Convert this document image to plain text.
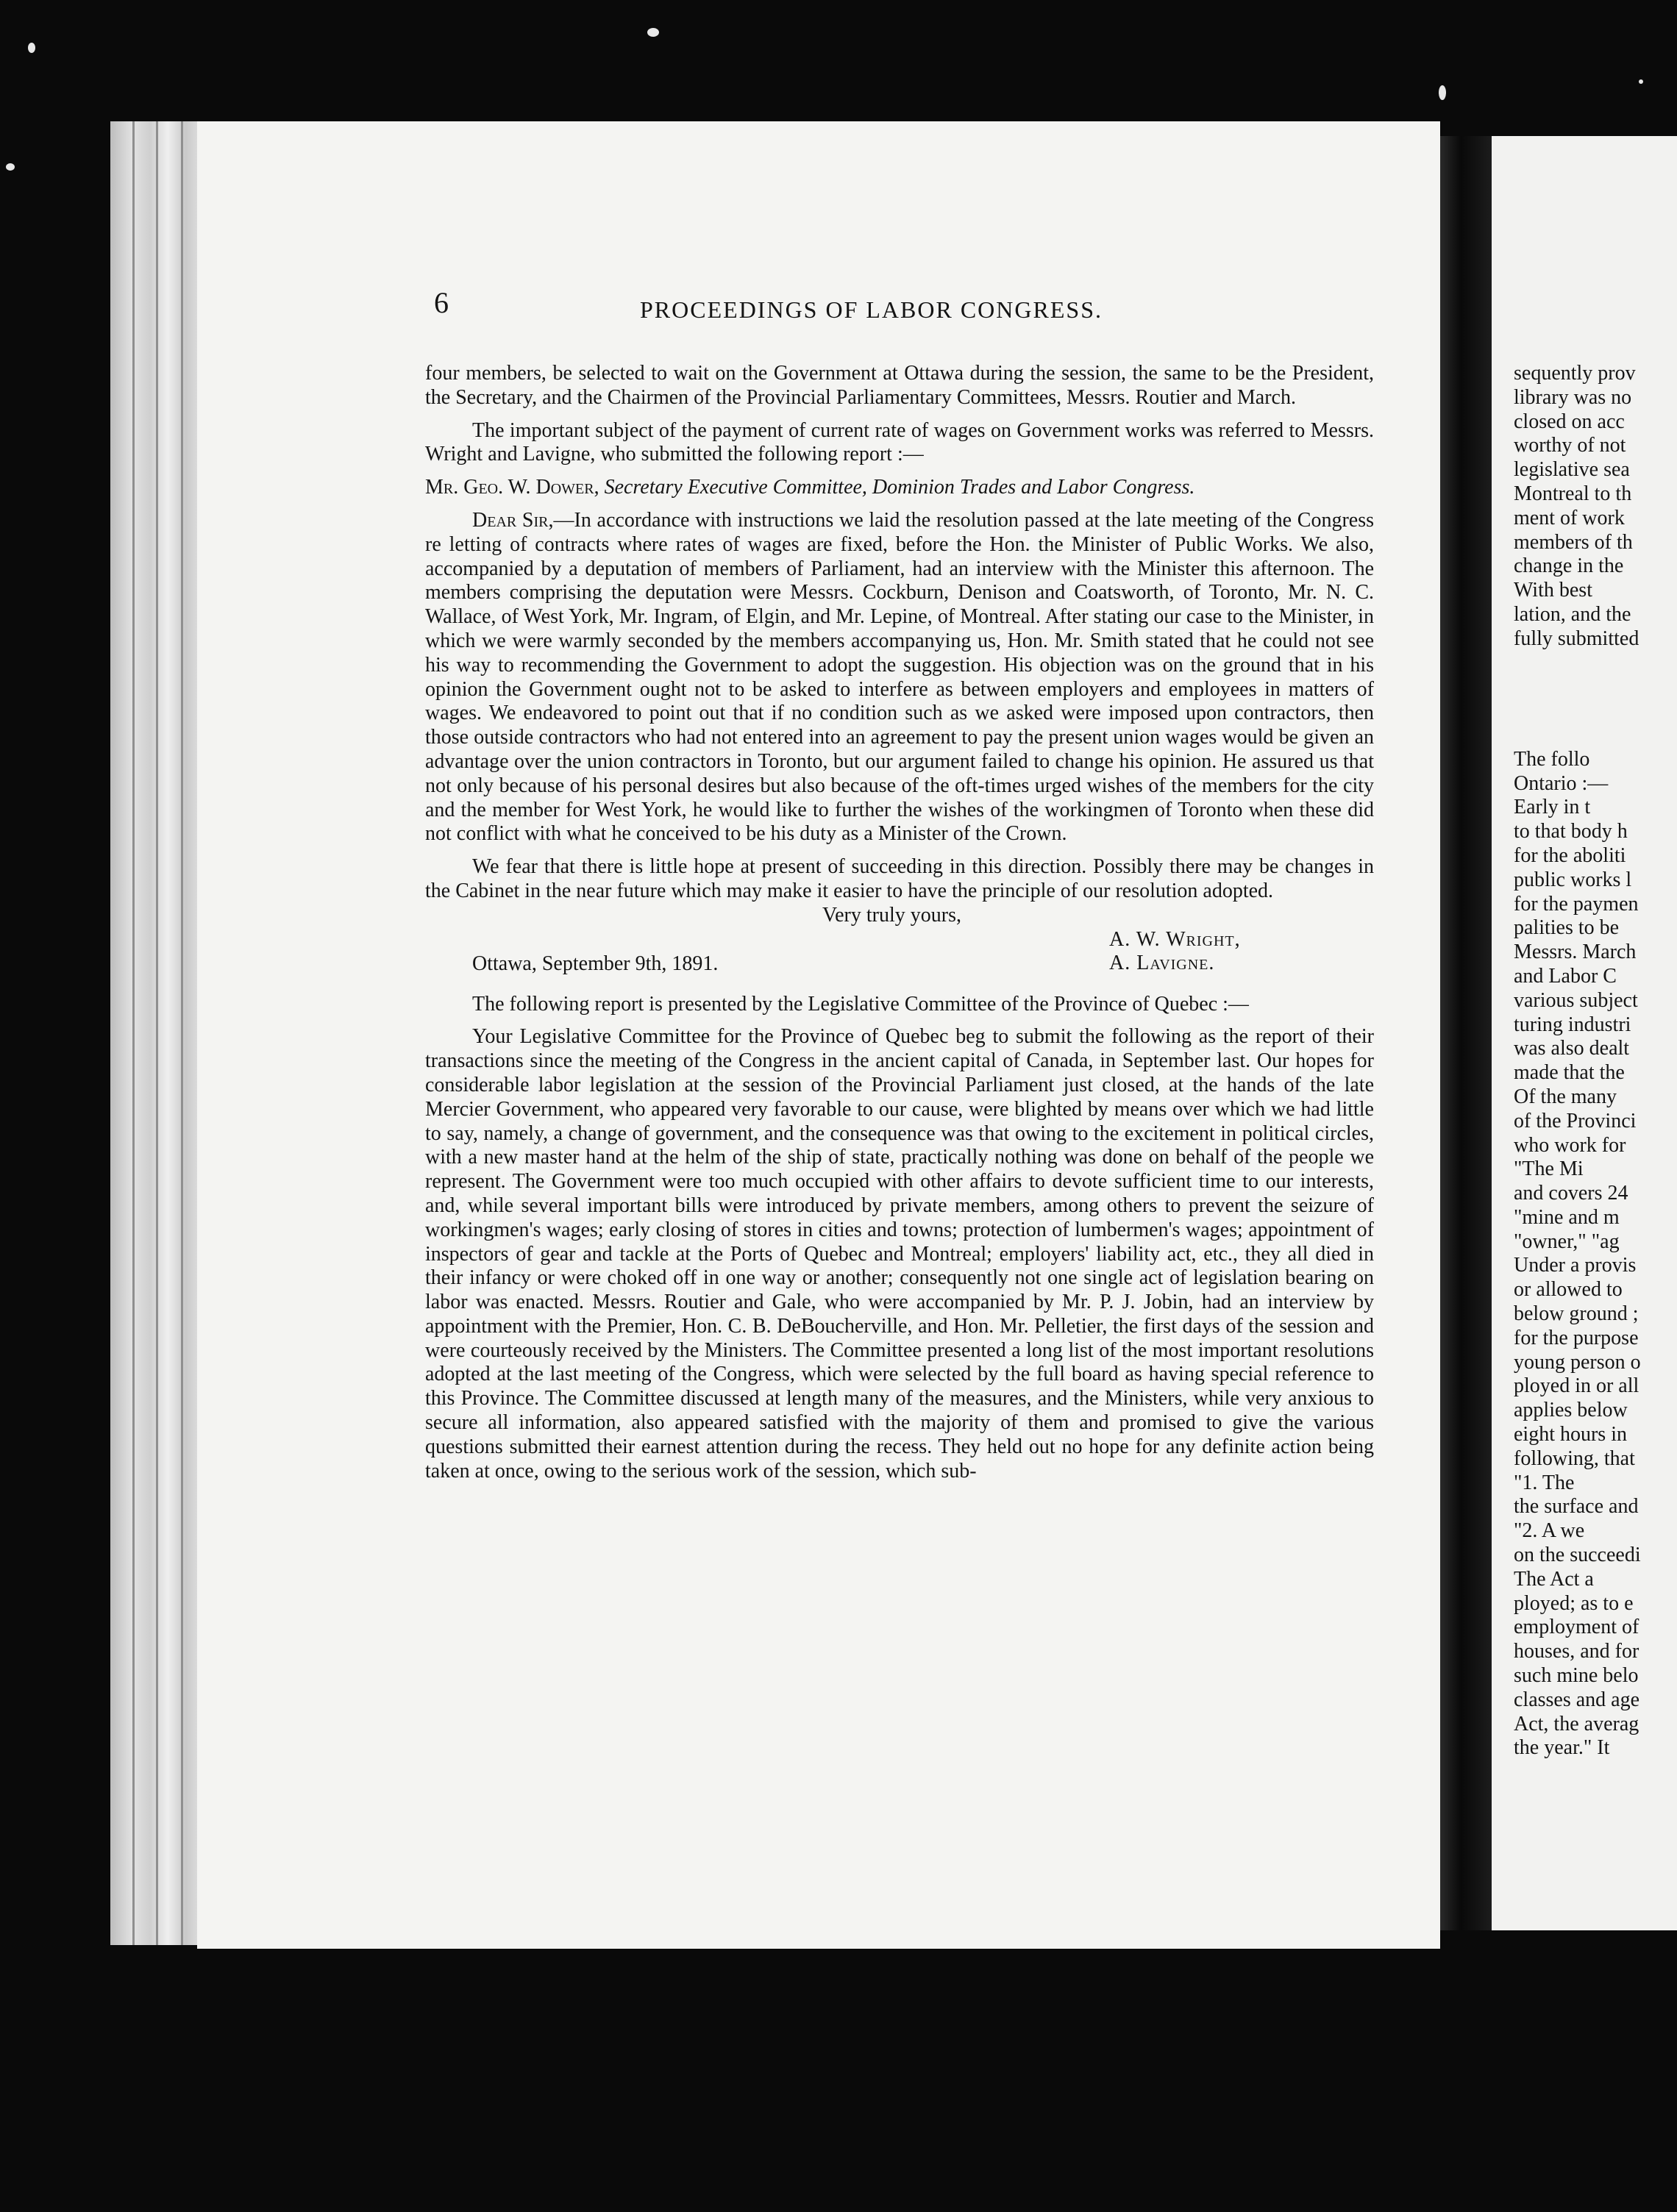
6	PROCEEDINGS OF LABOR CONGRESS.

four members, be selected to wait on the Government at Ottawa during the session, the same to be the President, the Secretary, and the Chairmen of the Provincial Parliamentary Committees, Messrs. Routier and March.

The important subject of the payment of current rate of wages on Government works was referred to Messrs. Wright and Lavigne, who submitted the following report :—

Mr. Geo. W. Dower, Secretary Executive Committee, Dominion Trades and Labor Congress.

Dear Sir,—In accordance with instructions we laid the resolution passed at the late meeting of the Congress re letting of contracts where rates of wages are fixed, before the Hon. the Minister of Public Works. We also, accompanied by a deputation of members of Parliament, had an interview with the Minister this afternoon. The members comprising the deputation were Messrs. Cockburn, Denison and Coatsworth, of Toronto, Mr. N. C. Wallace, of West York, Mr. Ingram, of Elgin, and Mr. Lepine, of Montreal. After stating our case to the Minister, in which we were warmly seconded by the members accompanying us, Hon. Mr. Smith stated that he could not see his way to recommending the Government to adopt the suggestion. His objection was on the ground that in his opinion the Government ought not to be asked to interfere as between employers and employees in matters of wages. We endeavored to point out that if no condition such as we asked were imposed upon contractors, then those outside contractors who had not entered into an agreement to pay the present union wages would be given an advantage over the union contractors in Toronto, but our argument failed to change his opinion. He assured us that not only because of his personal desires but also because of the oft-times urged wishes of the members for the city and the member for West York, he would like to further the wishes of the workingmen of Toronto when these did not conflict with what he conceived to be his duty as a Minister of the Crown.

We fear that there is little hope at present of succeeding in this direction. Possibly there may be changes in the Cabinet in the near future which may make it easier to have the principle of our resolution adopted.

Very truly yours,

A. W. Wright,
A. Lavigne.
Ottawa, September 9th, 1891.

The following report is presented by the Legislative Committee of the Province of Quebec :—

Your Legislative Committee for the Province of Quebec beg to submit the following as the report of their transactions since the meeting of the Congress in the ancient capital of Canada, in September last. Our hopes for considerable labor legislation at the session of the Provincial Parliament just closed, at the hands of the late Mercier Government, who appeared very favorable to our cause, were blighted by means over which we had little to say, namely, a change of government, and the consequence was that owing to the excitement in political circles, with a new master hand at the helm of the ship of state, practically nothing was done on behalf of the people we represent. The Government were too much occupied with other affairs to devote sufficient time to our interests, and, while several important bills were introduced by private members, among others to prevent the seizure of workingmen's wages; early closing of stores in cities and towns; protection of lumbermen's wages; appointment of inspectors of gear and tackle at the Ports of Quebec and Montreal; employers' liability act, etc., they all died in their infancy or were choked off in one way or another; consequently not one single act of legislation bearing on labor was enacted. Messrs. Routier and Gale, who were accompanied by Mr. P. J. Jobin, had an interview by appointment with the Premier, Hon. C. B. DeBoucherville, and Hon. Mr. Pelletier, the first days of the session and were courteously received by the Ministers. The Committee presented a long list of the most important resolutions adopted at the last meeting of the Congress, which were selected by the full board as having special reference to this Province. The Committee discussed at length many of the measures, and the Ministers, while very anxious to secure all information, also appeared satisfied with the majority of them and promised to give the various questions submitted their earnest attention during the recess. They held out no hope for any definite action being taken at once, owing to the serious work of the session, which sub-

sequently prov
library was no
closed on acc
worthy of not
legislative sea
Montreal to th
ment of work
members of th
change in the
With best
lation, and the
fully submitted
The follo
Ontario :—
Early in t
to that body h
for the aboliti
public works l
for the paymen
palities to be
Messrs. March
and Labor C
various subject
turing industri
was also dealt
made that the
Of the many
of the Provinci
who work for
"The Mi
and covers 24
"mine and m
"owner," "ag
Under a provis
or allowed to
below ground ;
for the purpose
young person o
ployed in or all
applies below
eight hours in
following, that
"1. The
the surface and
"2. A we
on the succeedi
The Act a
ployed; as to e
employment of
houses, and for
such mine belo
classes and age
Act, the averag
the year." It
